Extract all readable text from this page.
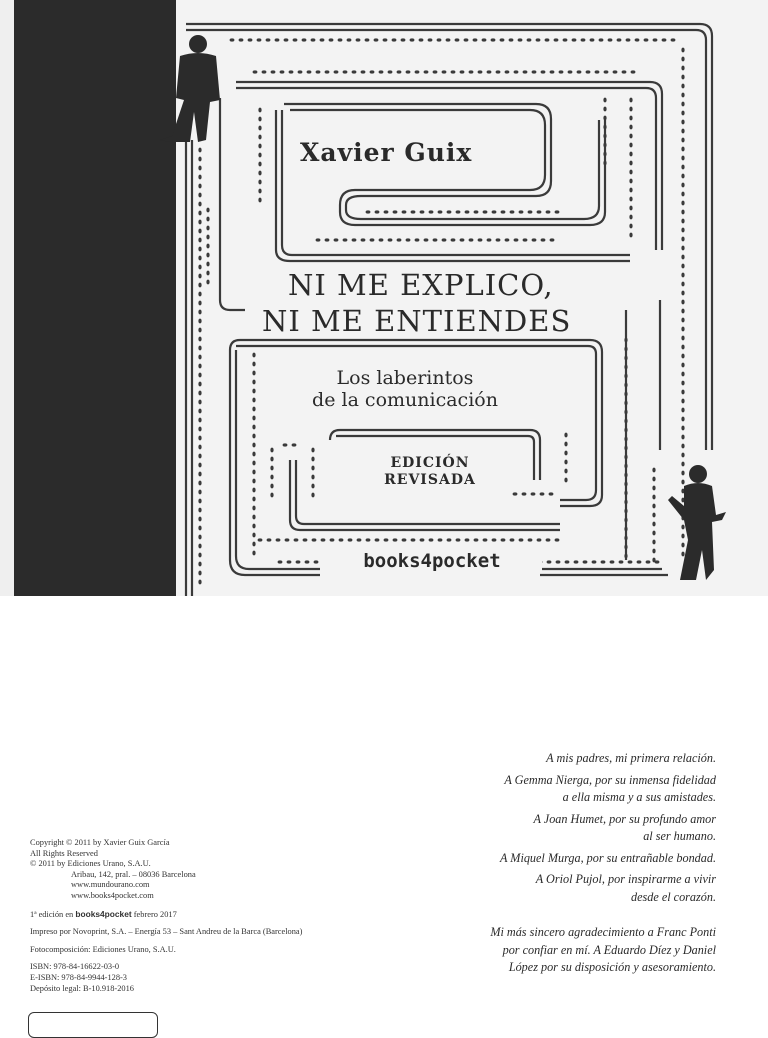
Xavier Guix
NI ME EXPLICO,
NI ME ENTIENDES
Los laberintos
de la comunicación
EDICIÓN
REVISADA
books4pocket
Copyright © 2011 by Xavier Guix García
All Rights Reserved
© 2011 by Ediciones Urano, S.A.U.
Aribau, 142, pral. – 08036 Barcelona
www.mundourano.com
www.books4pocket.com
1ª edición en books4pocket febrero 2017
Impreso por Novoprint, S.A. – Energía 53 – Sant Andreu de la Barca (Barcelona)
Fotocomposición: Ediciones Urano, S.A.U.
ISBN: 978-84-16622-03-0
E-ISBN: 978-84-9944-128-3
Depósito legal: B-10.918-2016

A mis padres, mi primera relación.

A Gemma Nierga, por su inmensa fidelidad
a ella misma y a sus amistades.

A Joan Humet, por su profundo amor
al ser humano.

A Miquel Murga, por su entrañable bondad.

A Oriol Pujol, por inspirarme a vivir
desde el corazón.

Mi más sincero agradecimiento a Franc Ponti
por confiar en mí. A Eduardo Díez y Daniel
López por su disposición y asesoramiento.
